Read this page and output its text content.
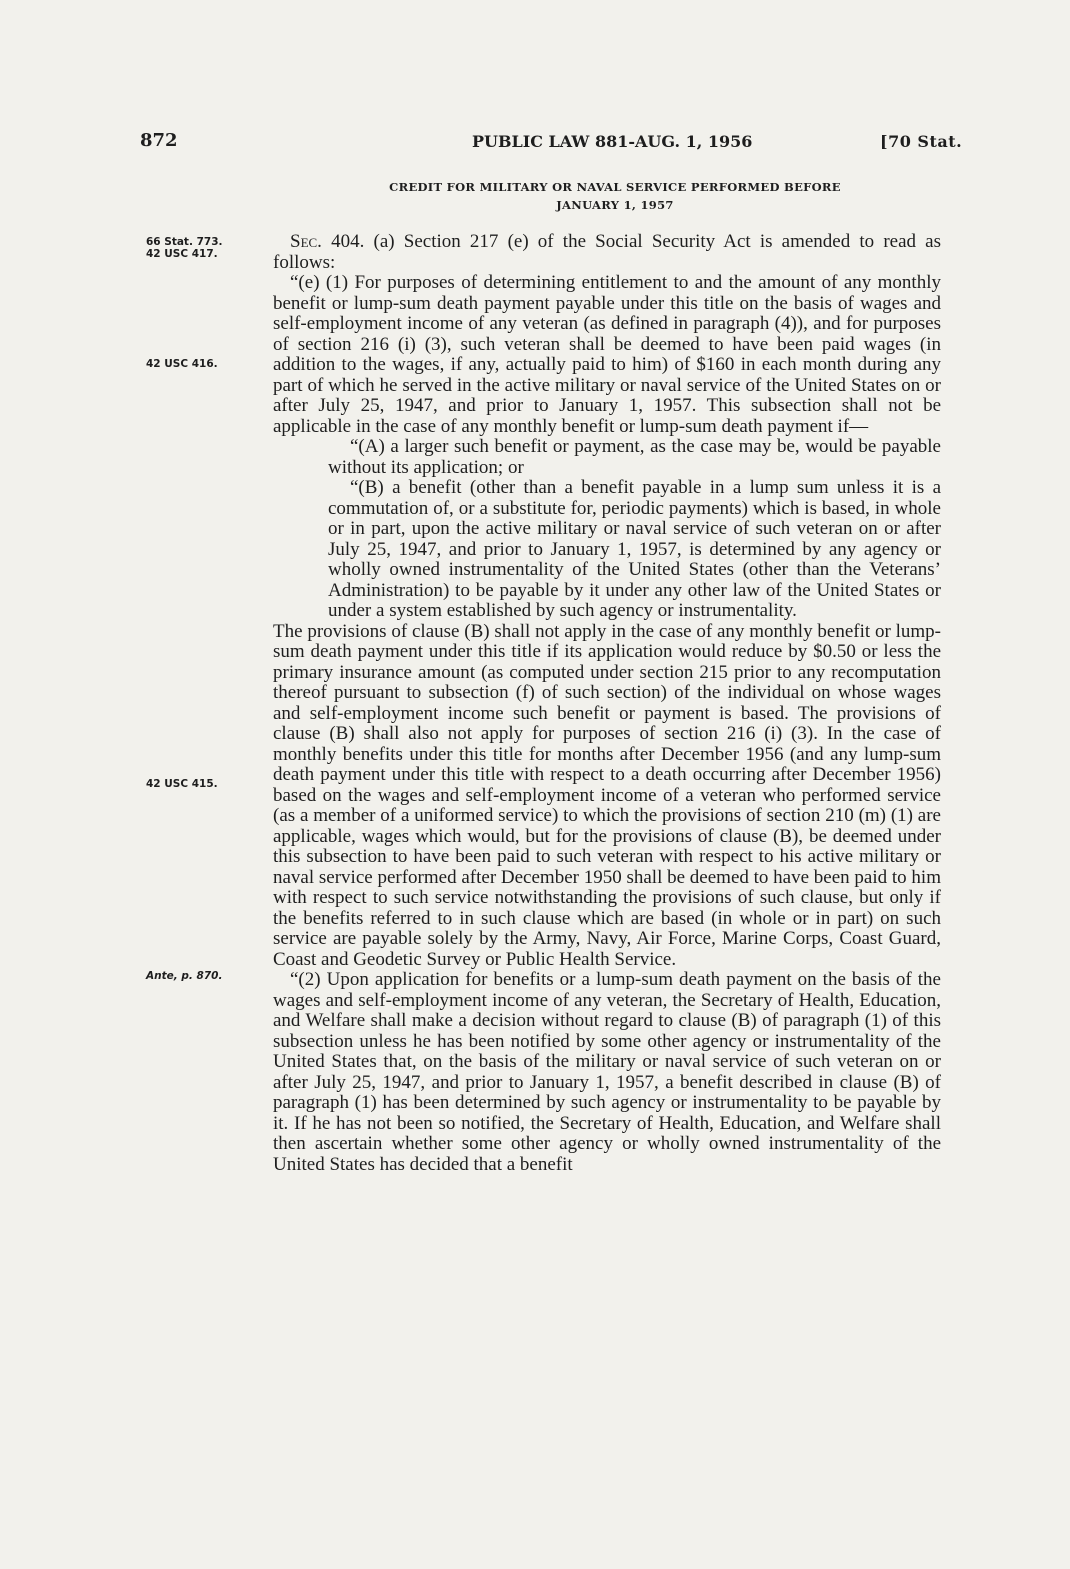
872	PUBLIC LAW 881-AUG. 1, 1956	[70 Stat.
CREDIT FOR MILITARY OR NAVAL SERVICE PERFORMED BEFORE
JANUARY 1, 1957
66 Stat. 773.
42 USC 417.
42 USC 416.
42 USC 415.
Ante, p. 870.

Sec. 404. (a) Section 217 (e) of the Social Security Act is amended to read as follows:

“(e) (1) For purposes of determining entitlement to and the amount of any monthly benefit or lump-sum death payment payable under this title on the basis of wages and self-employment income of any veteran (as defined in paragraph (4)), and for purposes of section 216 (i) (3), such veteran shall be deemed to have been paid wages (in addition to the wages, if any, actually paid to him) of $160 in each month during any part of which he served in the active military or naval service of the United States on or after July 25, 1947, and prior to January 1, 1957. This subsection shall not be applicable in the case of any monthly benefit or lump-sum death payment if—

“(A) a larger such benefit or payment, as the case may be, would be payable without its application; or

“(B) a benefit (other than a benefit payable in a lump sum unless it is a commutation of, or a substitute for, periodic payments) which is based, in whole or in part, upon the active military or naval service of such veteran on or after July 25, 1947, and prior to January 1, 1957, is determined by any agency or wholly owned instrumentality of the United States (other than the Veterans’ Administration) to be payable by it under any other law of the United States or under a system established by such agency or instrumentality.

The provisions of clause (B) shall not apply in the case of any monthly benefit or lump-sum death payment under this title if its application would reduce by $0.50 or less the primary insurance amount (as computed under section 215 prior to any recomputation thereof pursuant to subsection (f) of such section) of the individual on whose wages and self-employment income such benefit or payment is based. The provisions of clause (B) shall also not apply for purposes of section 216 (i) (3). In the case of monthly benefits under this title for months after December 1956 (and any lump-sum death payment under this title with respect to a death occurring after December 1956) based on the wages and self-employment income of a veteran who performed service (as a member of a uniformed service) to which the provisions of section 210 (m) (1) are applicable, wages which would, but for the provisions of clause (B), be deemed under this subsection to have been paid to such veteran with respect to his active military or naval service performed after December 1950 shall be deemed to have been paid to him with respect to such service notwithstanding the provisions of such clause, but only if the benefits referred to in such clause which are based (in whole or in part) on such service are payable solely by the Army, Navy, Air Force, Marine Corps, Coast Guard, Coast and Geodetic Survey or Public Health Service.

“(2) Upon application for benefits or a lump-sum death payment on the basis of the wages and self-employment income of any veteran, the Secretary of Health, Education, and Welfare shall make a decision without regard to clause (B) of paragraph (1) of this subsection unless he has been notified by some other agency or instrumentality of the United States that, on the basis of the military or naval service of such veteran on or after July 25, 1947, and prior to January 1, 1957, a benefit described in clause (B) of paragraph (1) has been determined by such agency or instrumentality to be payable by it. If he has not been so notified, the Secretary of Health, Education, and Welfare shall then ascertain whether some other agency or wholly owned instrumentality of the United States has decided that a benefit
